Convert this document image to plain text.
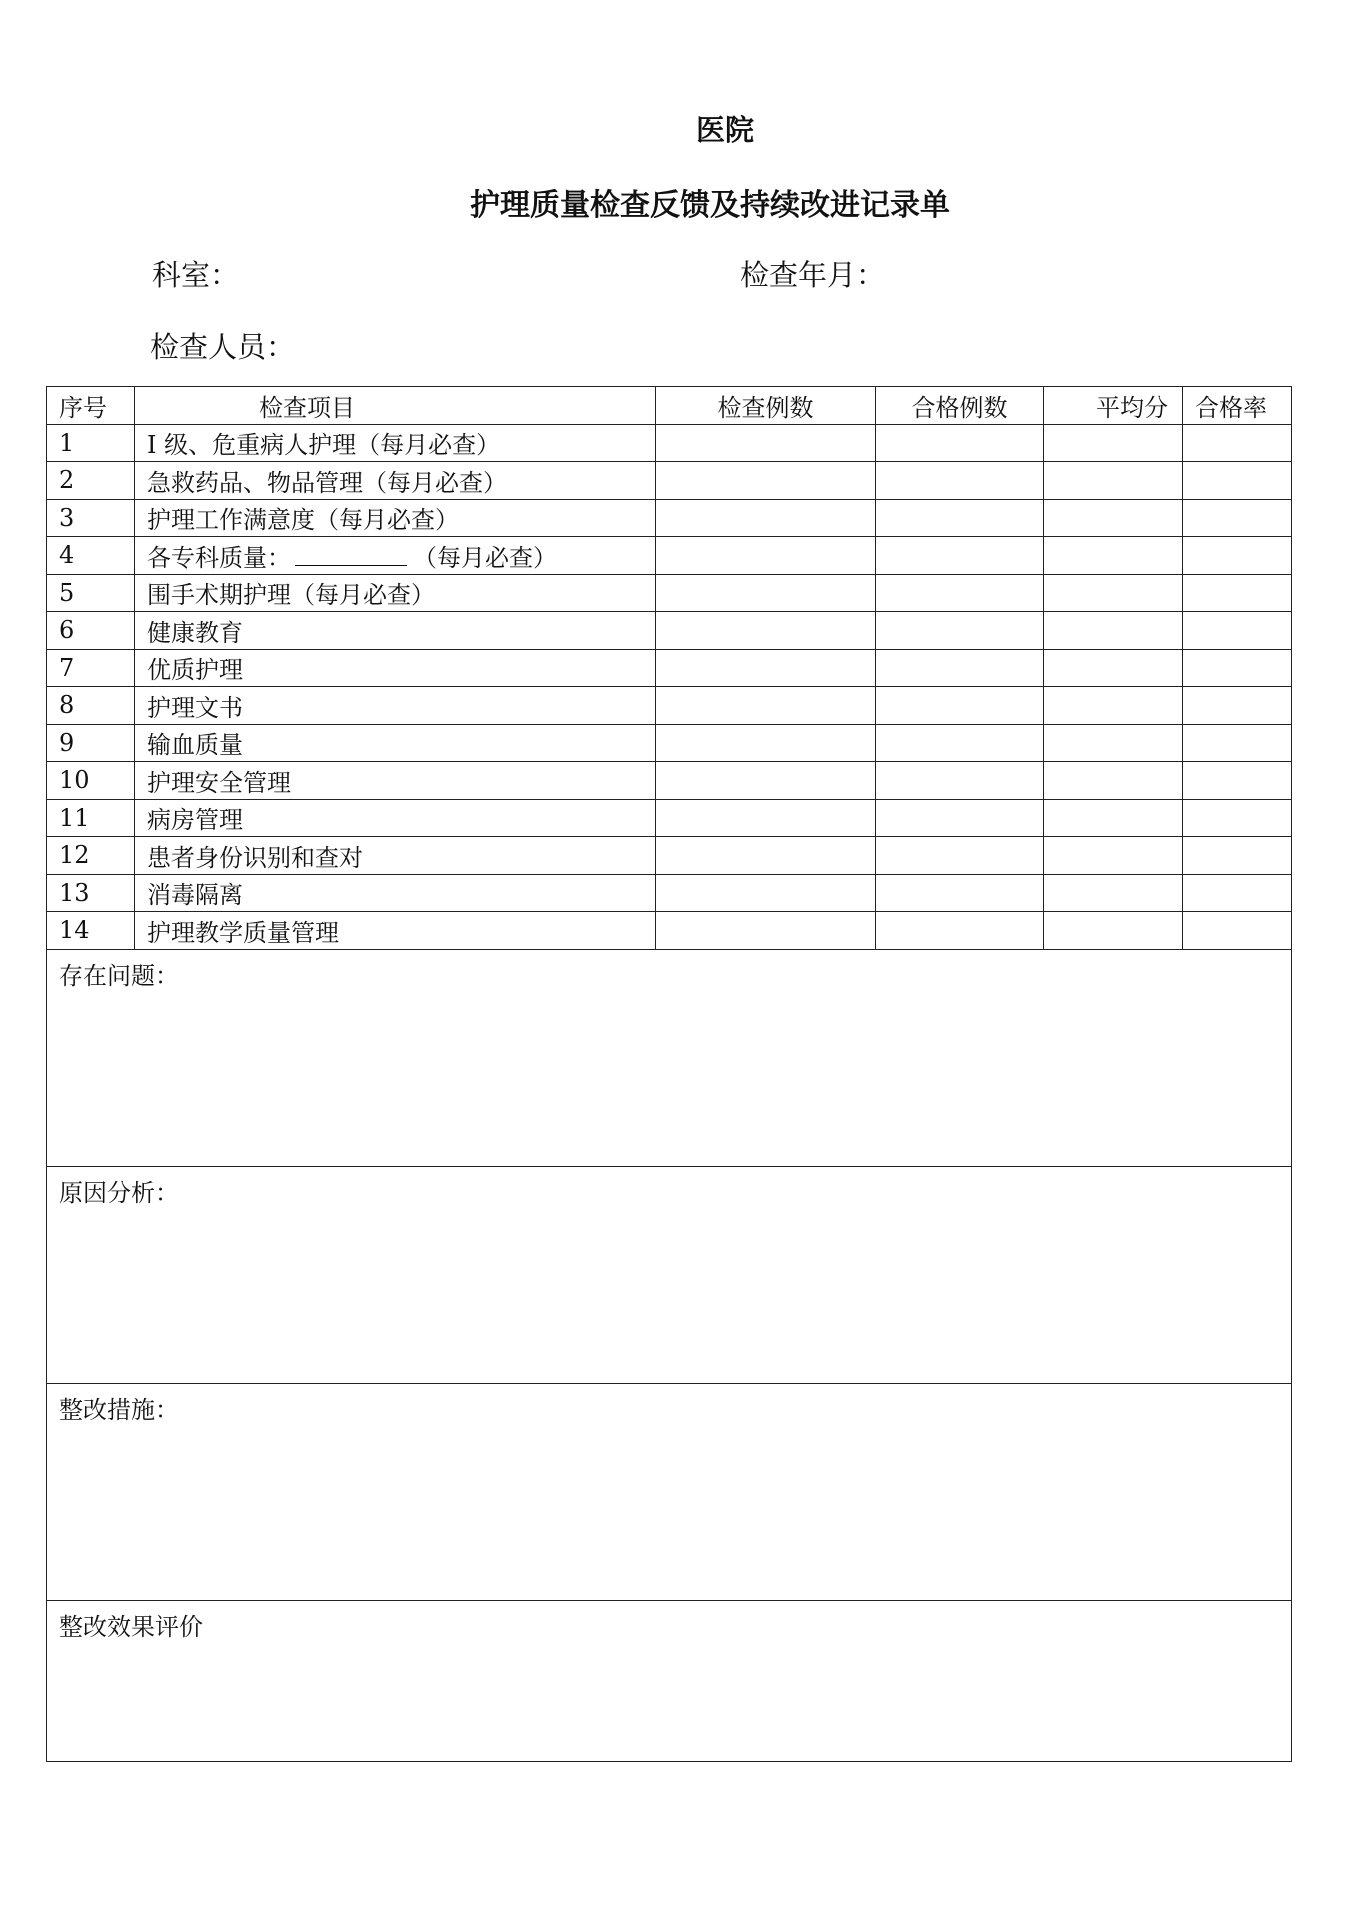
医院
护理质量检查反馈及持续改进记录单
科室：	检查年月：
检查人员：
序号	检查项目	检查例数	合格例数	平均分	合格率
1	I 级、危重病人护理（每月必查）				
2	急救药品、物品管理（每月必查）				
3	护理工作满意度（每月必查）				
4	各专科质量： （每月必查）				
5	围手术期护理（每月必查）				
6	健康教育				
7	优质护理				
8	护理文书				
9	输血质量				
10	护理安全管理				
11	病房管理				
12	患者身份识别和查对				
13	消毒隔离				
14	护理教学质量管理				
存在问题：					
原因分析：					
整改措施：					
整改效果评价					
